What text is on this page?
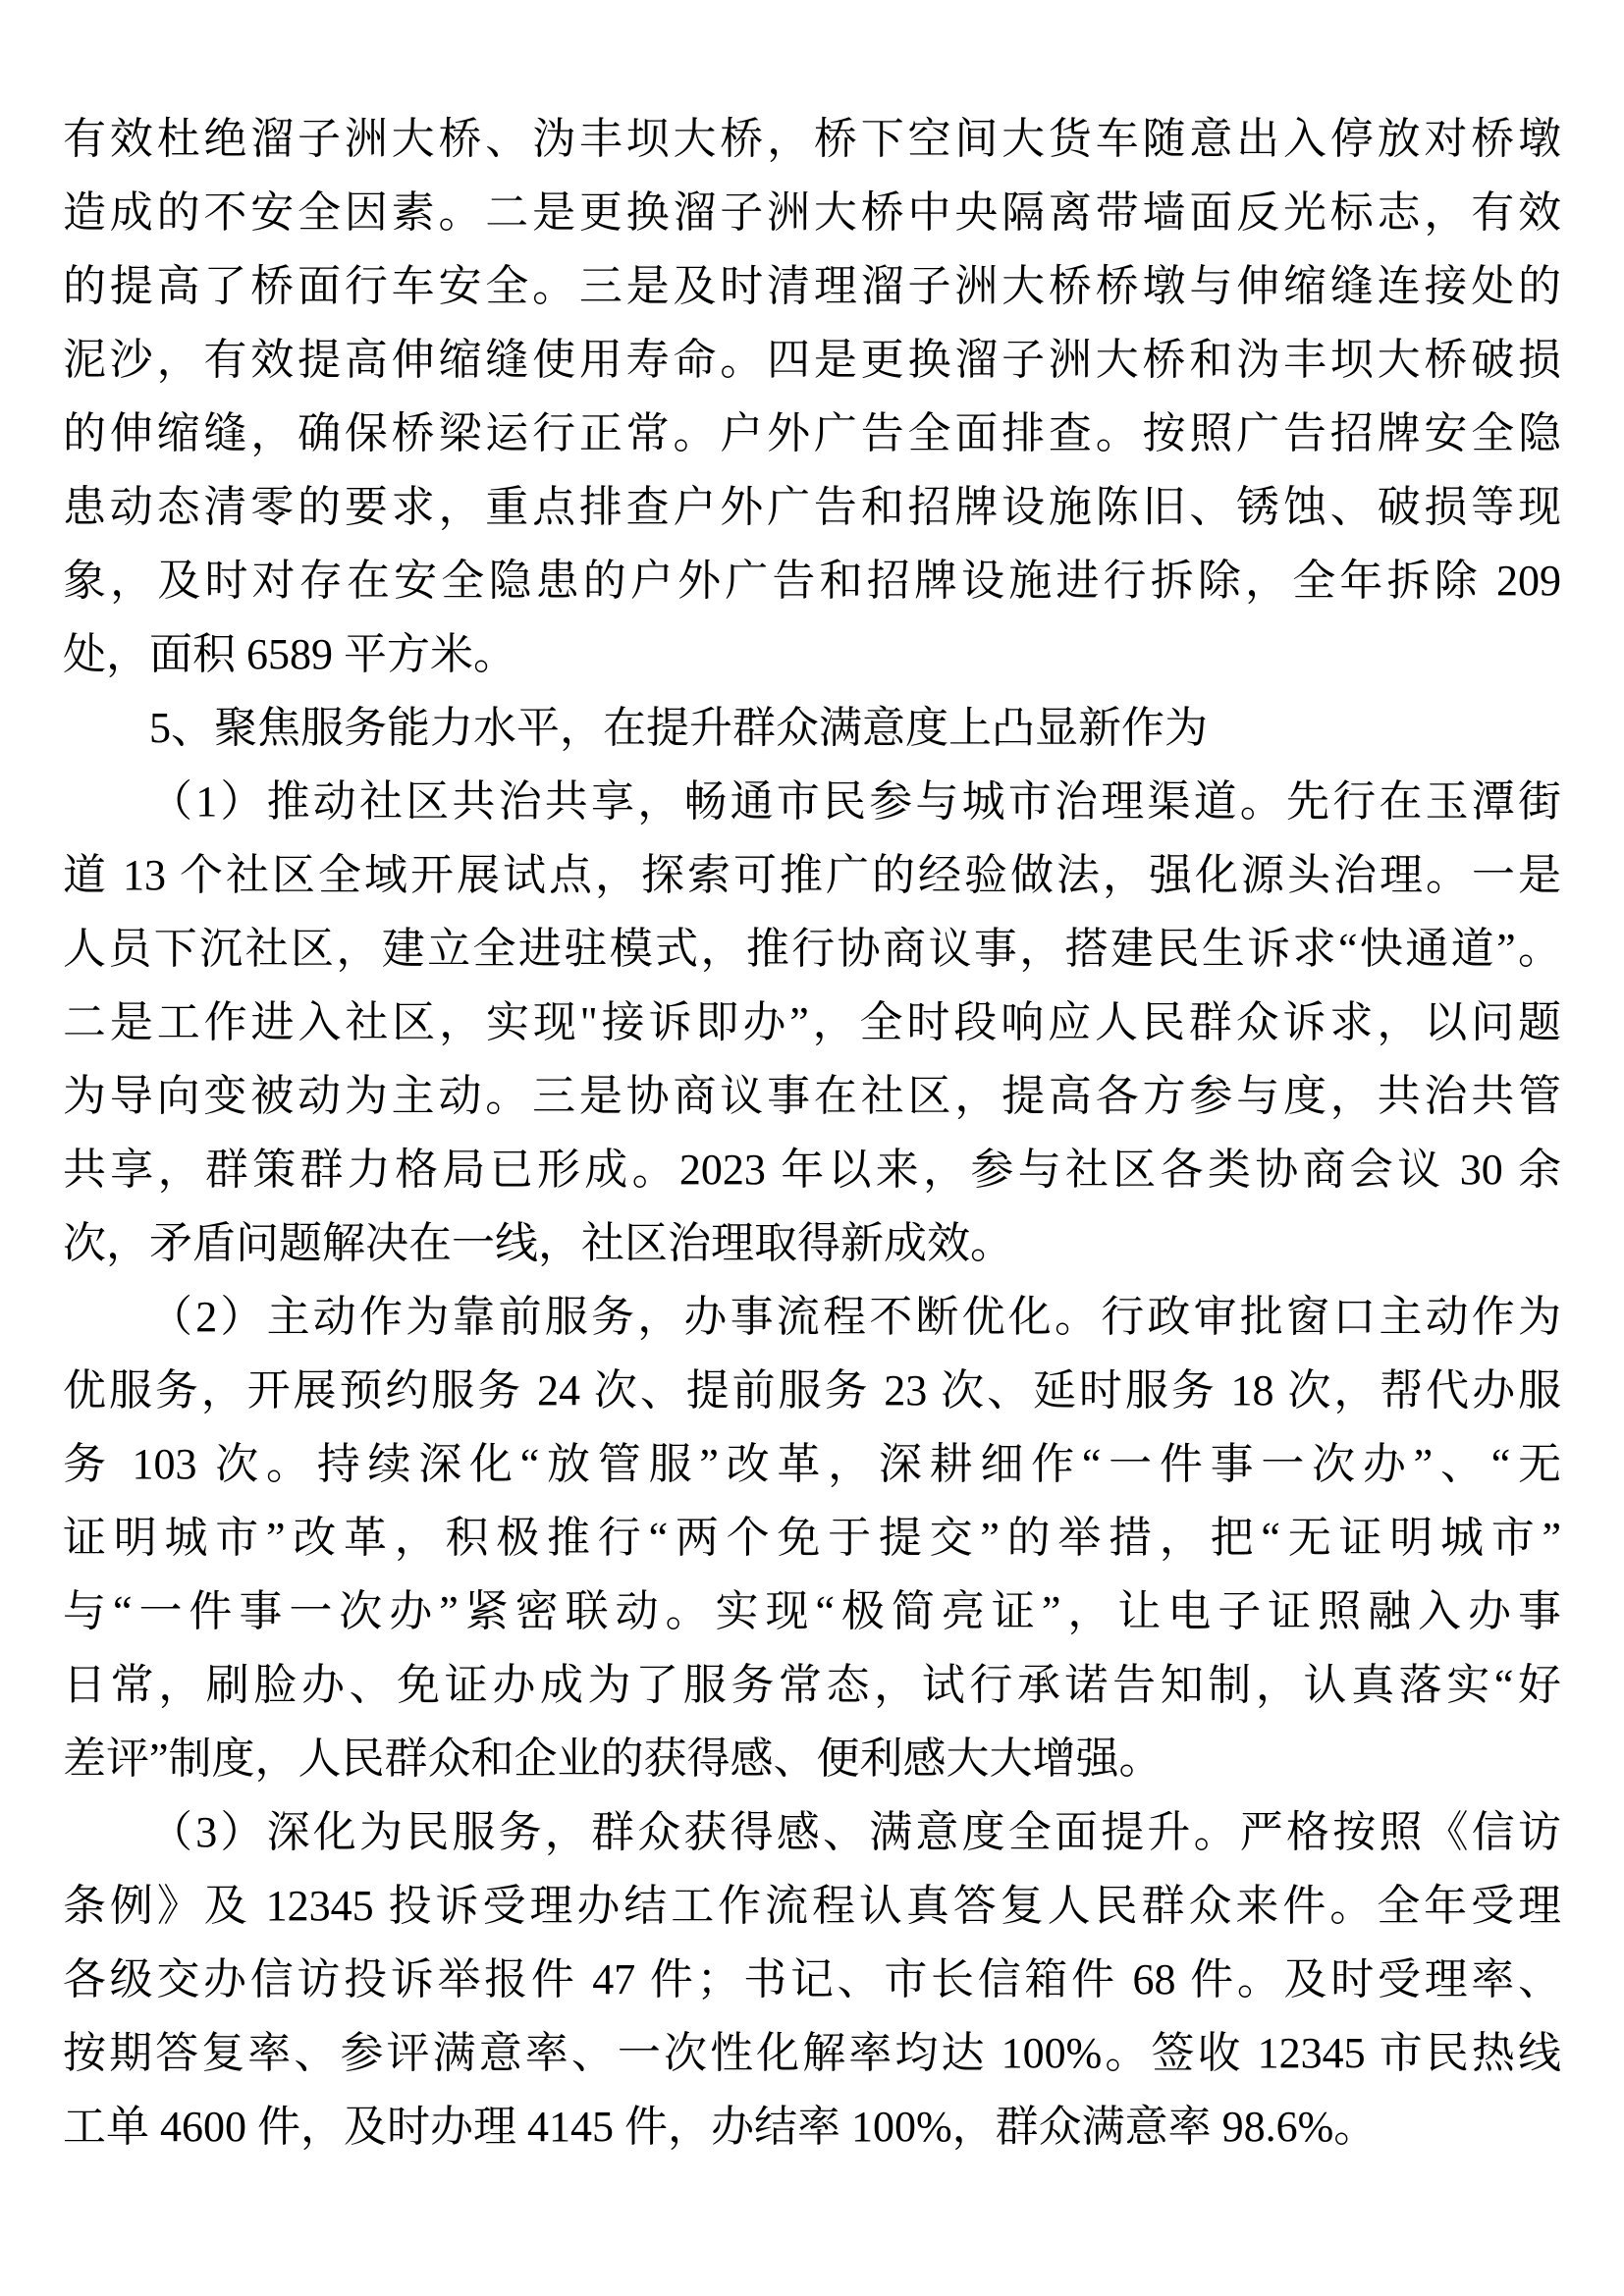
有效杜绝溜子洲大桥、沩丰坝大桥，桥下空间大货车随意出入停放对桥墩
造成的不安全因素。二是更换溜子洲大桥中央隔离带墙面反光标志，有效
的提高了桥面行车安全。三是及时清理溜子洲大桥桥墩与伸缩缝连接处的
泥沙，有效提高伸缩缝使用寿命。四是更换溜子洲大桥和沩丰坝大桥破损
的伸缩缝，确保桥梁运行正常。户外广告全面排查。按照广告招牌安全隐
患动态清零的要求，重点排查户外广告和招牌设施陈旧、锈蚀、破损等现
象，及时对存在安全隐患的户外广告和招牌设施进行拆除，全年拆除 209
处，面积 6589 平方米。
5、聚焦服务能力水平，在提升群众满意度上凸显新作为
（1）推动社区共治共享，畅通市民参与城市治理渠道。先行在玉潭街
道 13 个社区全域开展试点，探索可推广的经验做法，强化源头治理。一是
人员下沉社区，建立全进驻模式，推行协商议事，搭建民生诉求“快通道”。
二是工作进入社区，实现"接诉即办”，全时段响应人民群众诉求，以问题
为导向变被动为主动。三是协商议事在社区，提高各方参与度，共治共管
共享，群策群力格局已形成。2023 年以来，参与社区各类协商会议 30 余
次，矛盾问题解决在一线，社区治理取得新成效。
（2）主动作为靠前服务，办事流程不断优化。行政审批窗口主动作为
优服务，开展预约服务 24 次、提前服务 23 次、延时服务 18 次，帮代办服
务 103 次。持续深化“放管服”改革，深耕细作“一件事一次办”、“无
证明城市”改革，积极推行“两个免于提交”的举措，把“无证明城市”
与“一件事一次办”紧密联动。实现“极简亮证”，让电子证照融入办事
日常，刷脸办、免证办成为了服务常态，试行承诺告知制，认真落实“好
差评”制度，人民群众和企业的获得感、便利感大大增强。
（3）深化为民服务，群众获得感、满意度全面提升。严格按照《信访
条例》及 12345 投诉受理办结工作流程认真答复人民群众来件。全年受理
各级交办信访投诉举报件 47 件；书记、市长信箱件 68 件。及时受理率、
按期答复率、参评满意率、一次性化解率均达 100%。签收 12345 市民热线
工单 4600 件，及时办理 4145 件，办结率 100%，群众满意率 98.6%。
